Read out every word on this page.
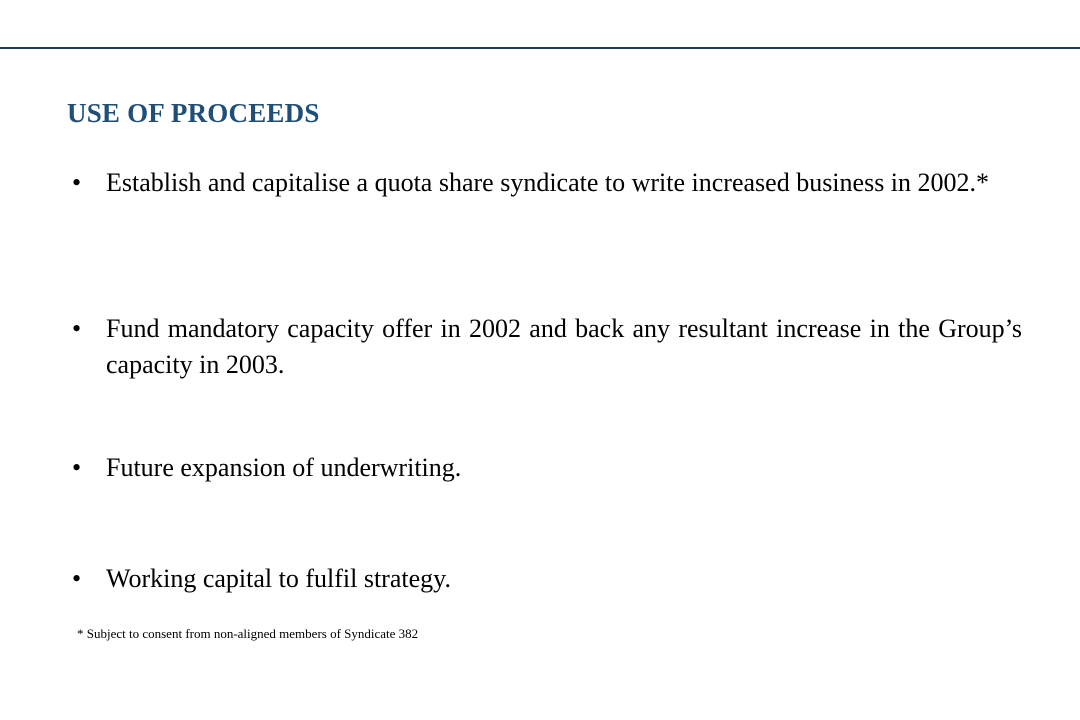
USE OF PROCEEDS
• Establish and capitalise a quota share syndicate to write increased business in 2002.*
• Fund mandatory capacity offer in 2002 and back any resultant increase in the Group’s capacity in 2003.
• Future expansion of underwriting.
• Working capital to fulfil strategy.

* Subject to consent from non-aligned members of Syndicate 382
